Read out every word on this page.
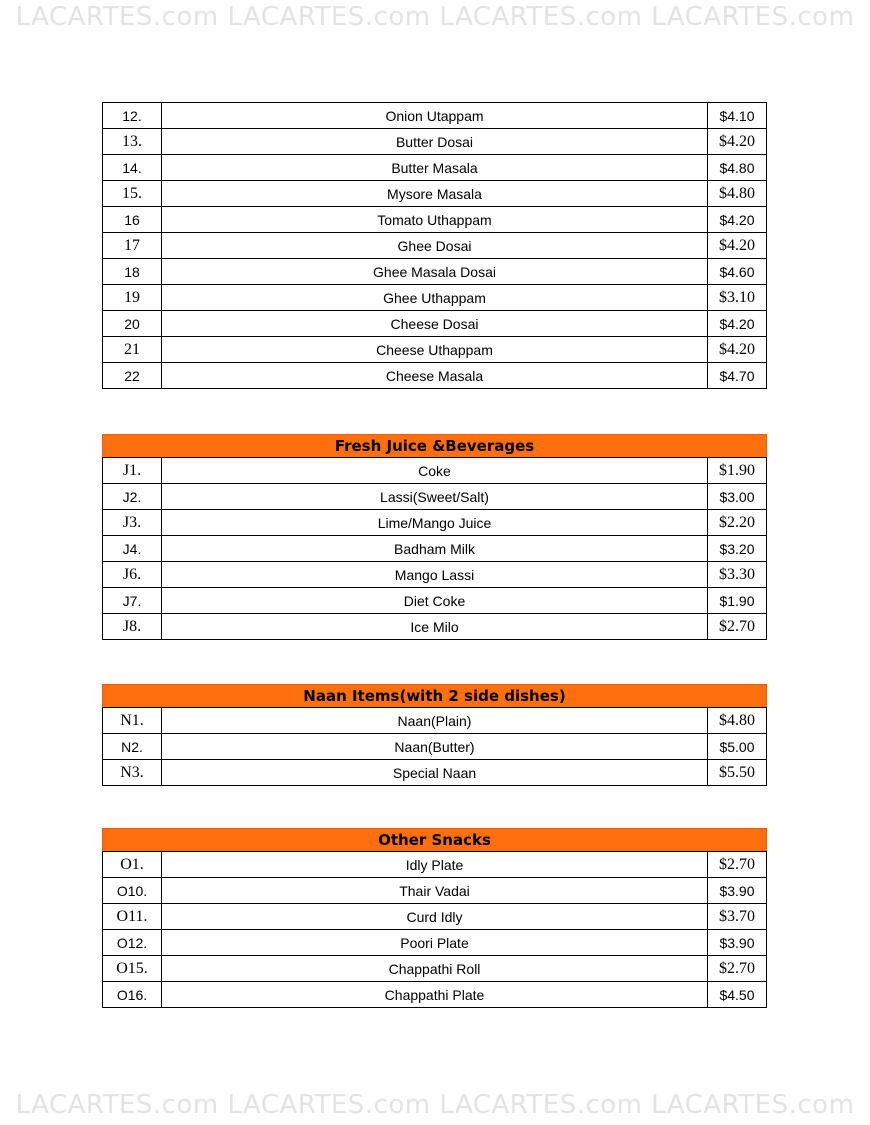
LACARTES.com LACARTES.com LACARTES.com LACARTES.com
12.	Onion Utappam	$4.10
13.	Butter Dosai	$4.20
14.	Butter Masala	$4.80
15.	Mysore Masala	$4.80
16	Tomato Uthappam	$4.20
17	Ghee Dosai	$4.20
18	Ghee Masala Dosai	$4.60
19	Ghee Uthappam	$3.10
20	Cheese Dosai	$4.20
21	Cheese Uthappam	$4.20
22	Cheese Masala	$4.70
Fresh Juice &Beverages
J1.	Coke	$1.90
J2.	Lassi(Sweet/Salt)	$3.00
J3.	Lime/Mango Juice	$2.20
J4.	Badham Milk	$3.20
J6.	Mango Lassi	$3.30
J7.	Diet Coke	$1.90
J8.	Ice Milo	$2.70
Naan Items(with 2 side dishes)
N1.	Naan(Plain)	$4.80
N2.	Naan(Butter)	$5.00
N3.	Special Naan	$5.50
Other Snacks
O1.	Idly Plate	$2.70
O10.	Thair Vadai	$3.90
O11.	Curd Idly	$3.70
O12.	Poori Plate	$3.90
O15.	Chappathi Roll	$2.70
O16.	Chappathi Plate	$4.50
LACARTES.com LACARTES.com LACARTES.com LACARTES.com
